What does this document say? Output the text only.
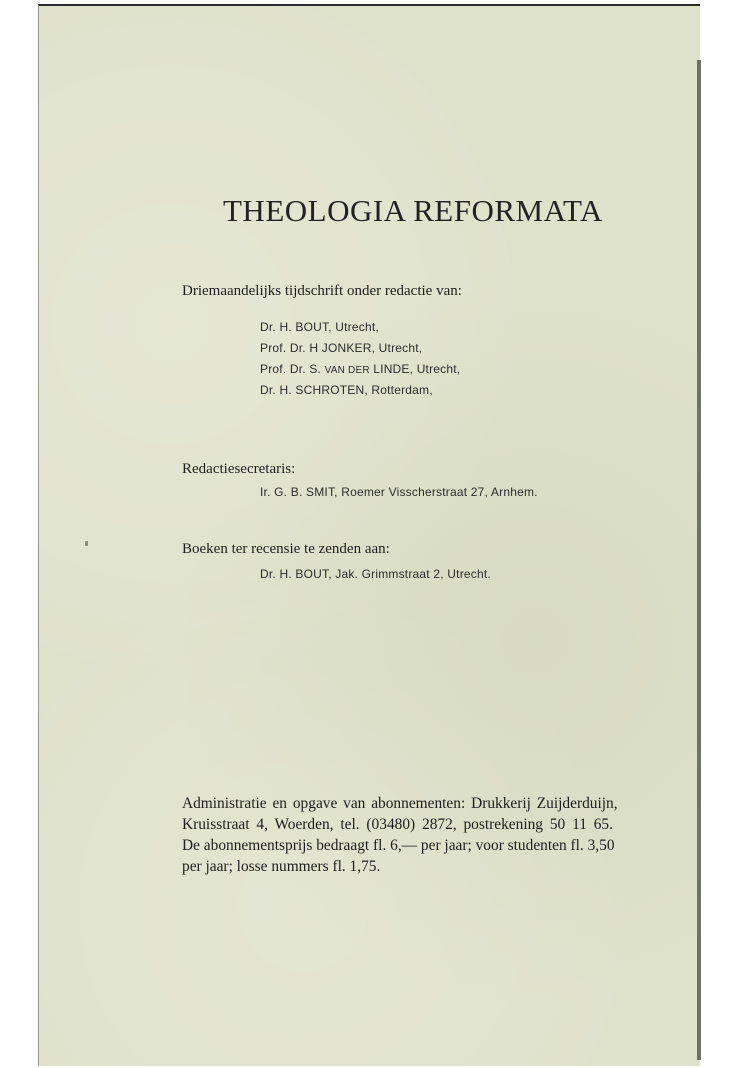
THEOLOGIA REFORMATA
Driemaandelijks tijdschrift onder redactie van:
Dr. H. BOUT, Utrecht,
Prof. Dr. H JONKER, Utrecht,
Prof. Dr. S. VAN DER LINDE, Utrecht,
Dr. H. SCHROTEN, Rotterdam,
Redactiesecretaris:
Ir. G. B. SMIT, Roemer Visscherstraat 27, Arnhem.
Boeken ter recensie te zenden aan:
Dr. H. BOUT, Jak. Grimmstraat 2, Utrecht.
Administratie en opgave van abonnementen: Drukkerij Zuijderduijn,
Kruisstraat 4, Woerden, tel. (03480) 2872, postrekening 50 11 65.
De abonnementsprijs bedraagt fl. 6,— per jaar; voor studenten fl. 3,50
per jaar; losse nummers fl. 1,75.
